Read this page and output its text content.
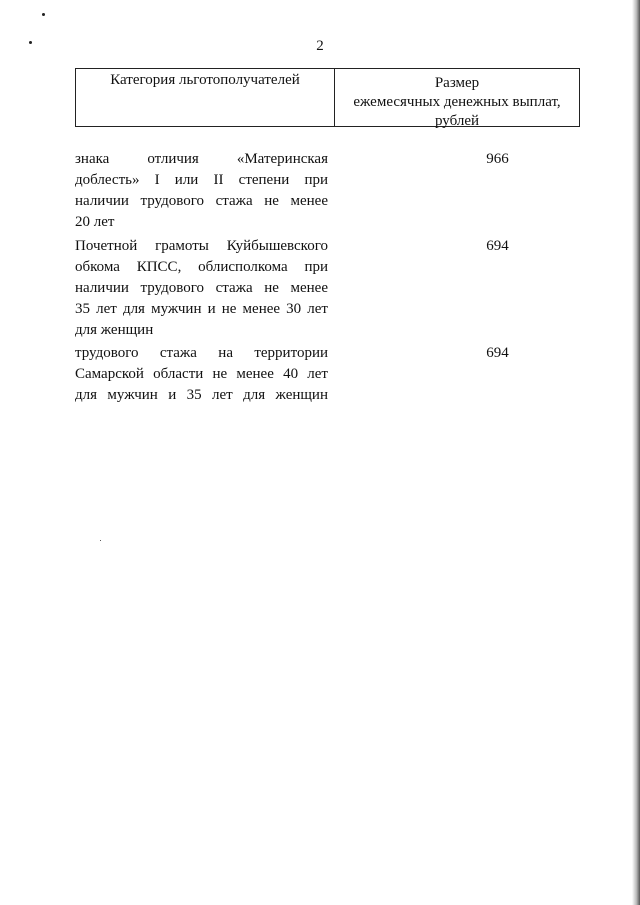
2
Категория льготополучателей	Размер
ежемесячных денежных выплат,
рублей
знака отличия «Материнская
доблесть» I или II степени при
наличии трудового стажа не менее
20 лет
966
Почетной грамоты Куйбышевского
обкома КПСС, облисполкома при
наличии трудового стажа не менее
35 лет для мужчин и не менее 30 лет
для женщин
694
трудового стажа на территории
Самарской области не менее 40 лет
для мужчин и 35 лет для женщин
694
